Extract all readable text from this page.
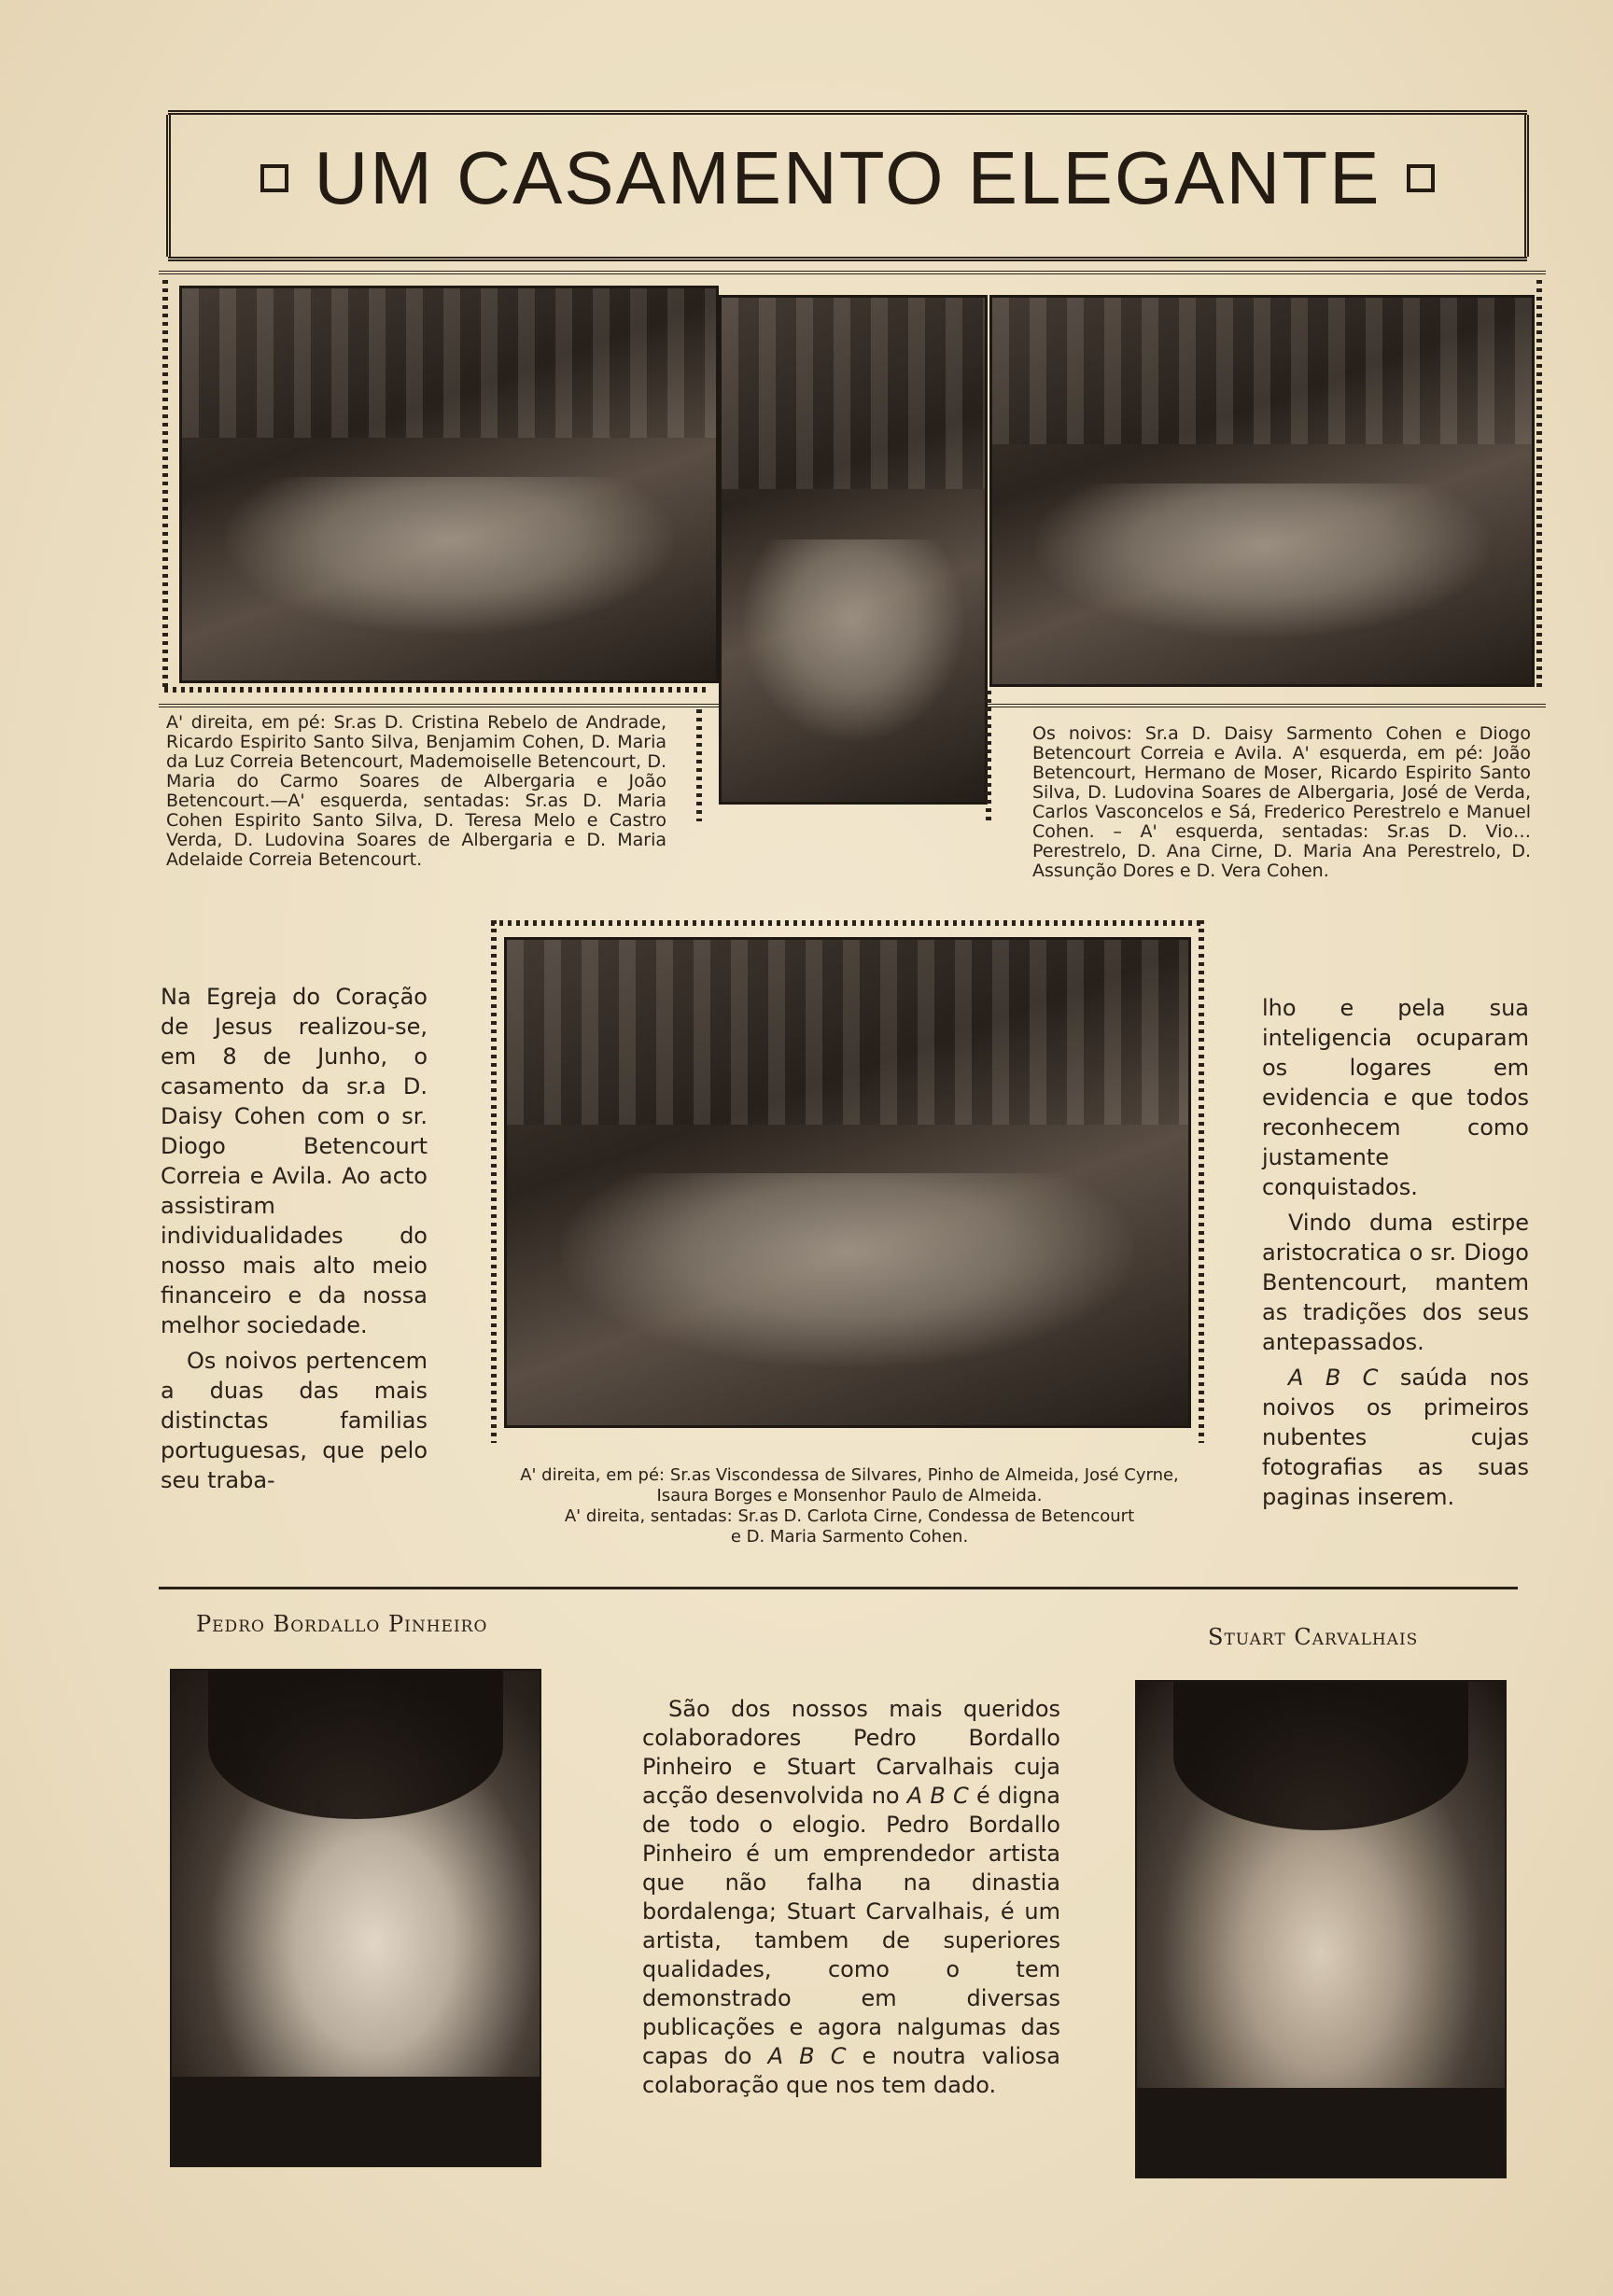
UM CASAMENTO ELEGANTE
A' direita, em pé: Sr.as D. Cristina Rebelo de Andrade, Ricardo Espirito Santo Silva, Benjamim Cohen, D. Maria da Luz Correia Betencourt, Mademoiselle Betencourt, D. Maria do Carmo Soares de Albergaria e João Betencourt.—A' esquerda, sentadas: Sr.as D. Maria Cohen Espirito Santo Silva, D. Teresa Melo e Castro Verda, D. Ludovina Soares de Albergaria e D. Maria Adelaide Correia Betencourt.
Os noivos: Sr.a D. Daisy Sarmento Cohen e Diogo Betencourt Correia e Avila. A' esquerda, em pé: João Betencourt, Hermano de Moser, Ricardo Espirito Santo Silva, D. Ludovina Soares de Albergaria, José de Verda, Carlos Vasconcelos e Sá, Frederico Perestrelo e Manuel Cohen. – A' esquerda, sentadas: Sr.as D. Vio… Perestrelo, D. Ana Cirne, D. Maria Ana Perestrelo, D. Assunção Dores e D. Vera Cohen.
A' direita, em pé: Sr.as Viscondessa de Silvares, Pinho de Almeida, José Cyrne,
Isaura Borges e Monsenhor Paulo de Almeida.
A' direita, sentadas: Sr.as D. Carlota Cirne, Condessa de Betencourt
e D. Maria Sarmento Cohen.

Na Egreja do Coração de Jesus realizou-se, em 8 de Junho, o casamento da sr.a D. Daisy Cohen com o sr. Diogo Betencourt Correia e Avila. Ao acto assistiram individualidades do nosso mais alto meio financeiro e da nossa melhor sociedade.

Os noivos pertencem a duas das mais distinctas familias portuguesas, que pelo seu traba-

lho e pela sua inteligencia ocuparam os logares em evidencia e que todos reconhecem como justamente conquistados.

Vindo duma estirpe aristocratica o sr. Diogo Bentencourt, mantem as tradições dos seus antepassados.

A B C saúda nos noivos os primeiros nubentes cujas fotografias as suas paginas inserem.

Pedro Bordallo Pinheiro	Stuart Carvalhais

São dos nossos mais queridos colaboradores Pedro Bordallo Pinheiro e Stuart Carvalhais cuja acção desenvolvida no A B C é digna de todo o elogio. Pedro Bordallo Pinheiro é um emprendedor artista que não falha na dinastia bordalenga; Stuart Carvalhais, é um artista, tambem de superiores qualidades, como o tem demonstrado em diversas publicações e agora nalgumas das capas do A B C e noutra valiosa colaboração que nos tem dado.
